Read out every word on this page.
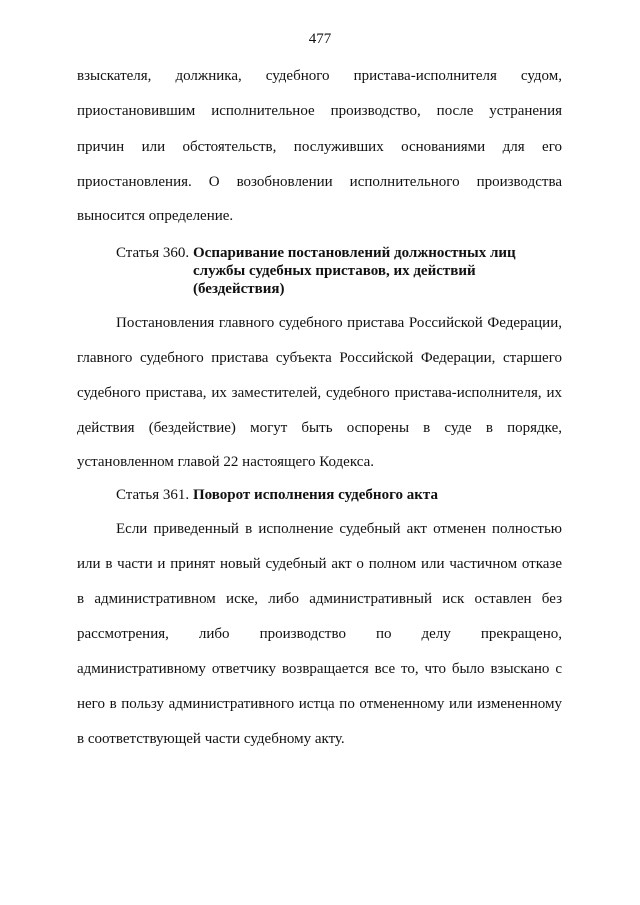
477
взыскателя, должника, судебного пристава-исполнителя судом,
приостановившим исполнительное производство, после устранения
причин или обстоятельств, послуживших основаниями для его
приостановления. О возобновлении исполнительного производства
выносится определение.
Статья 360. Оспаривание постановлений должностных лиц
службы судебных приставов, их действий
(бездействия)
Постановления главного судебного пристава Российской Федерации,
главного судебного пристава субъекта Российской Федерации, старшего
судебного пристава, их заместителей, судебного пристава-исполнителя, их
действия (бездействие) могут быть оспорены в суде в порядке,
установленном главой 22 настоящего Кодекса.
Статья 361. Поворот исполнения судебного акта
Если приведенный в исполнение судебный акт отменен полностью
или в части и принят новый судебный акт о полном или частичном отказе
в административном иске, либо административный иск оставлен без
рассмотрения, либо производство по делу прекращено,
административному ответчику возвращается все то, что было взыскано с
него в пользу административного истца по отмененному или измененному
в соответствующей части судебному акту.
